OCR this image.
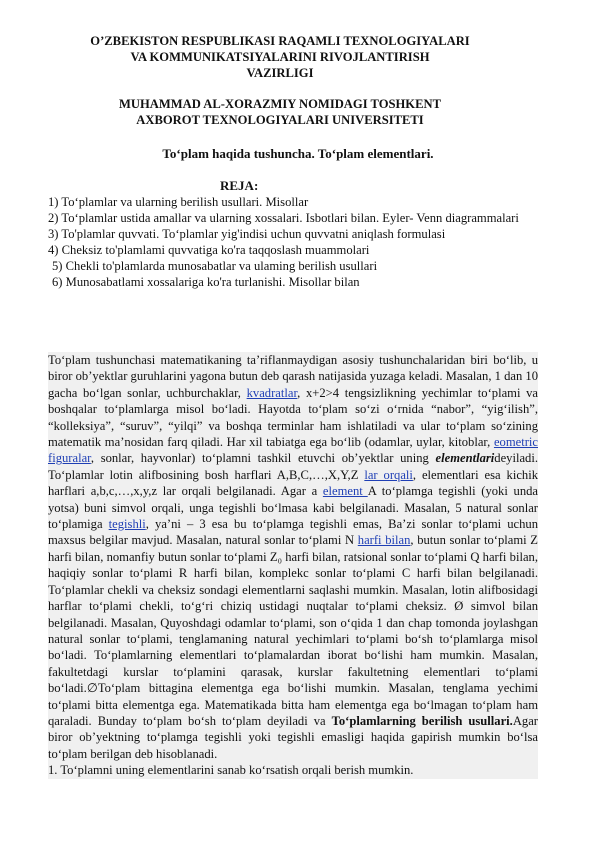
O’ZBEKISTON RESPUBLIKASI RAQAMLI TEXNOLOGIYALARI
VA KOMMUNIKATSIYALARINI RIVOJLANTIRISH
VAZIRLIGI
MUHAMMAD AL-XORAZMIY NOMIDAGI TOSHKENT
AXBOROT TEXNOLOGIYALARI UNIVERSITETI
To‘plam haqida tushuncha. To‘plam elementlari.
REJA:
1) To‘plamlar va ularning berilish usullari. Misollar
2) To‘plamlar ustida amallar va ularning xossalari. Isbotlari bilan. Eyler- Venn diagrammalari
3) To'plamlar quvvati. To‘plamlar yig'indisi uchun quvvatni aniqlash formulasi
4) Cheksiz to'plamlami quvvatiga ko'ra taqqoslash muammolari
5) Chekli to'plamlarda munosabatlar va ulaming berilish usullari
6) Munosabatlami xossalariga ko'ra turlanishi. Misollar bilan

To‘plam tushunchasi matematikaning ta’riflanmaydigan asosiy tushunchalaridan biri bo‘lib, u biror ob’yektlar guruhlarini yagona butun deb qarash natijasida yuzaga keladi. Masalan, 1 dan 10 gacha bo‘lgan sonlar, uchburchaklar, kvadratlar, x+2>4 tengsizlikning yechimlar to‘plami va boshqalar to‘plamlarga misol bo‘ladi. Hayotda to‘plam so‘zi o‘rnida “nabor”, “yig‘ilish”, “kolleksiya”, “suruv”, “yilqi” va boshqa terminlar ham ishlatiladi va ular to‘plam so‘zining matematik ma’nosidan farq qiladi. Har xil tabiatga ega bo‘lib (odamlar, uylar, kitoblar, eometric figuralar, sonlar, hayvonlar) to‘plamni tashkil etuvchi ob’yektlar uning elementlarideyiladi. To‘plamlar lotin alifbosining bosh harflari A,B,C,…,X,Y,Z lar orqali, elementlari esa kichik harflari a,b,c,…,x,y,z lar orqali belgilanadi. Agar a element A to‘plamga tegishli (yoki unda yotsa) buni simvol orqali, unga tegishli bo‘lmasa kabi belgilanadi. Masalan, 5 natural sonlar to‘plamiga tegishli, ya’ni – 3 esa bu to‘plamga tegishli emas, Ba’zi sonlar to‘plami uchun maxsus belgilar mavjud. Masalan, natural sonlar to‘plami N harfi bilan, butun sonlar to‘plami Z harfi bilan, nomanfiy butun sonlar to‘plami Z₀ harfi bilan, ratsional sonlar to‘plami Q harfi bilan, haqiqiy sonlar to‘plami R harfi bilan, komplekc sonlar to‘plami C harfi bilan belgilanadi. To‘plamlar chekli va cheksiz sondagi elementlarni saqlashi mumkin. Masalan, lotin alifbosidagi harflar to‘plami chekli, to‘g‘ri chiziq ustidagi nuqtalar to‘plami cheksiz. Ø simvol bilan belgilanadi. Masalan, Quyoshdagi odamlar to‘plami, son o‘qida 1 dan chap tomonda joylashgan natural sonlar to‘plami, tenglamaning natural yechimlari to‘plami bo‘sh to‘plamlarga misol bo‘ladi. To‘plamlarning elementlari to‘plamalardan iborat bo‘lishi ham mumkin. Masalan, fakultetdagi kurslar to‘plamini qarasak, kurslar fakultetning elementlari to‘plami bo‘ladi.∅To‘plam bittagina elementga ega bo‘lishi mumkin. Masalan, tenglama yechimi to‘plami bitta elementga ega. Matematikada bitta ham elementga ega bo‘lmagan to‘plam ham qaraladi. Bunday to‘plam bo‘sh to‘plam deyiladi va To‘plamlarning berilish usullari.Agar biror ob’yektning to‘plamga tegishli yoki tegishli emasligi haqida gapirish mumkin bo‘lsa to‘plam berilgan deb hisoblanadi.

1. To‘plamni uning elementlarini sanab ko‘rsatish orqali berish mumkin.
